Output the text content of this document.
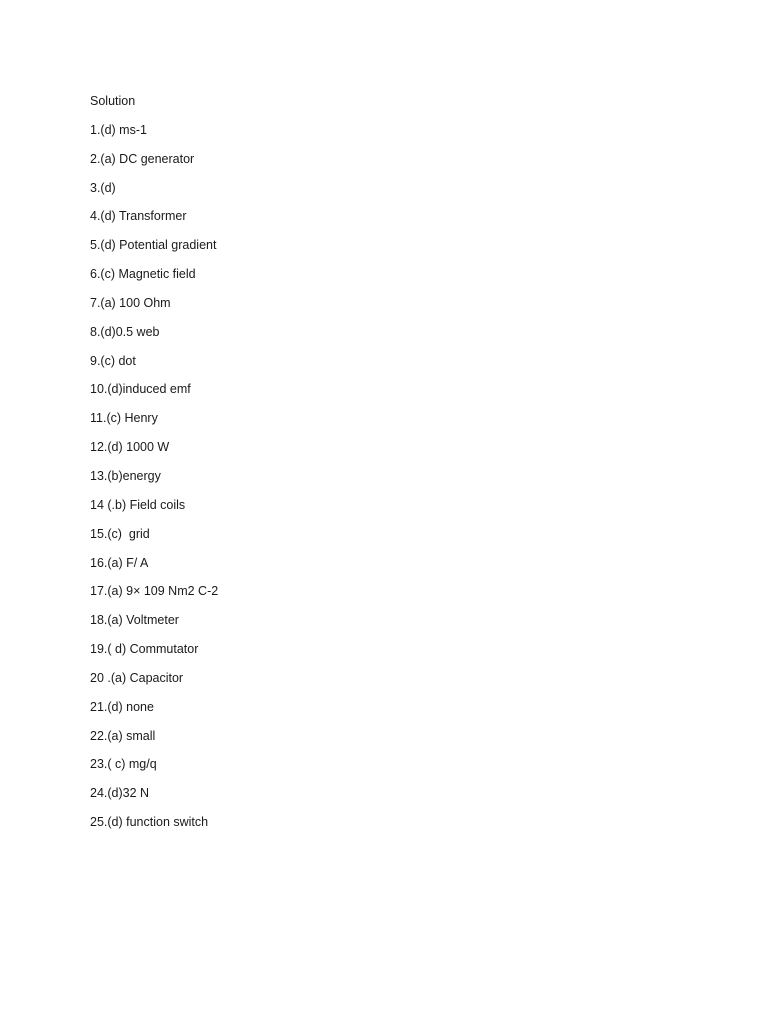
Solution
1.(d) ms-1
2.(a) DC generator
3.(d)
4.(d) Transformer
5.(d) Potential gradient
6.(c) Magnetic field
7.(a) 100 Ohm
8.(d)0.5 web
9.(c) dot
10.(d)induced emf
11.(c) Henry
12.(d) 1000 W
13.(b)energy
14 (.b) Field coils
15.(c)  grid
16.(a) F/ A
17.(a) 9× 109 Nm2 C-2
18.(a) Voltmeter
19.( d) Commutator
20 .(a) Capacitor
21.(d) none
22.(a) small
23.( c) mg/q
24.(d)32 N
25.(d) function switch
